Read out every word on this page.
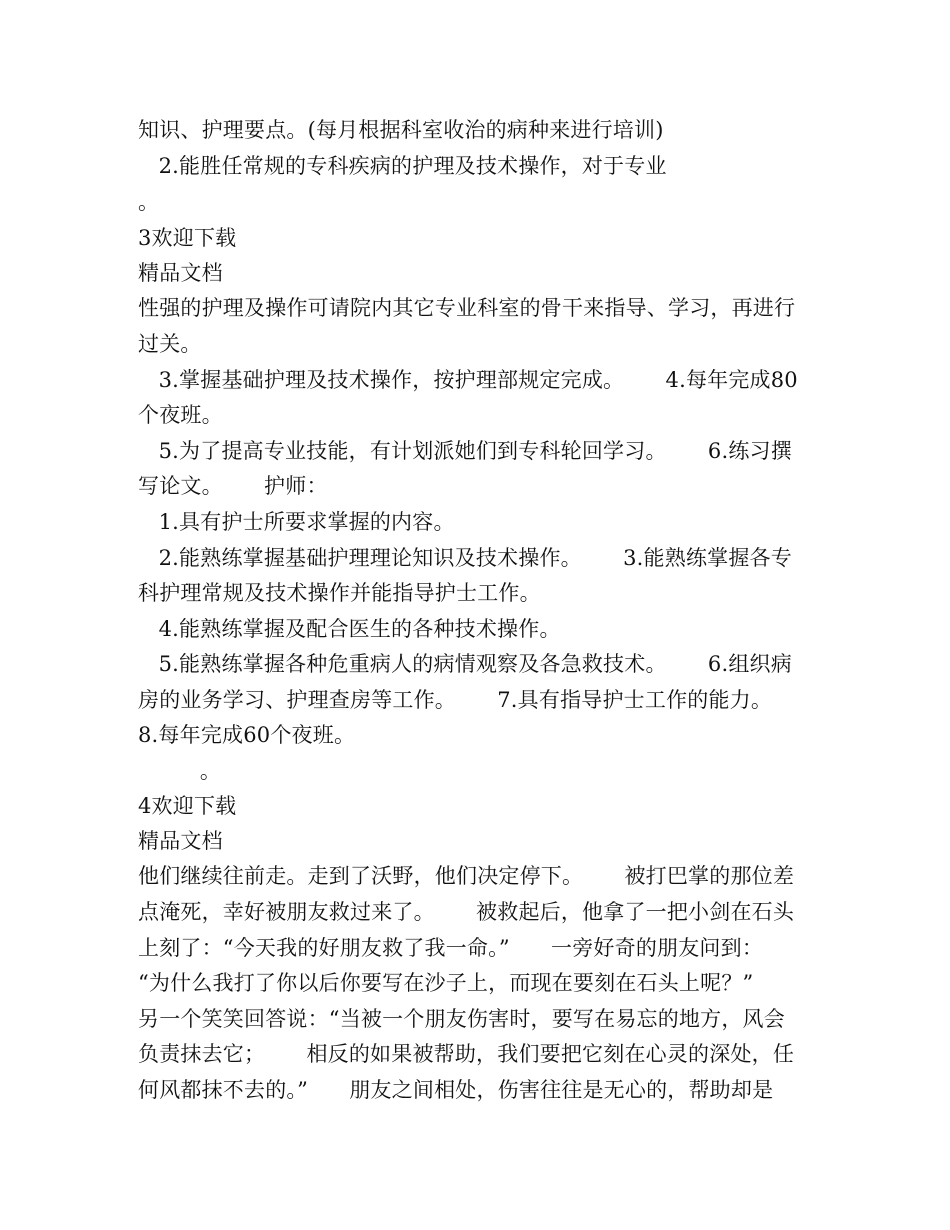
知识、护理要点。(每月根据科室收治的病种来进行培训)
2.能胜任常规的专科疾病的护理及技术操作，对于专业
。
3欢迎下载
精品文档
性强的护理及操作可请院内其它专业科室的骨干来指导、学习，再进行
过关。
3.掌握基础护理及技术操作，按护理部规定完成。      4.每年完成80
个夜班。
5.为了提高专业技能，有计划派她们到专科轮回学习。      6.练习撰
写论文。      护师：
1.具有护士所要求掌握的内容。
2.能熟练掌握基础护理理论知识及技术操作。      3.能熟练掌握各专
科护理常规及技术操作并能指导护士工作。
4.能熟练掌握及配合医生的各种技术操作。
5.能熟练掌握各种危重病人的病情观察及各急救技术。      6.组织病
房的业务学习、护理查房等工作。      7.具有指导护士工作的能力。
8.每年完成60个夜班。
。
4欢迎下载
精品文档
他们继续往前走。走到了沃野，他们决定停下。      被打巴掌的那位差
点淹死，幸好被朋友救过来了。      被救起后，他拿了一把小剑在石头
上刻了：“今天我的好朋友救了我一命。”      一旁好奇的朋友问到：
“为什么我打了你以后你要写在沙子上，而现在要刻在石头上呢？”
另一个笑笑回答说：“当被一个朋友伤害时，要写在易忘的地方，风会
负责抹去它；      相反的如果被帮助，我们要把它刻在心灵的深处，任
何风都抹不去的。”      朋友之间相处，伤害往往是无心的，帮助却是
